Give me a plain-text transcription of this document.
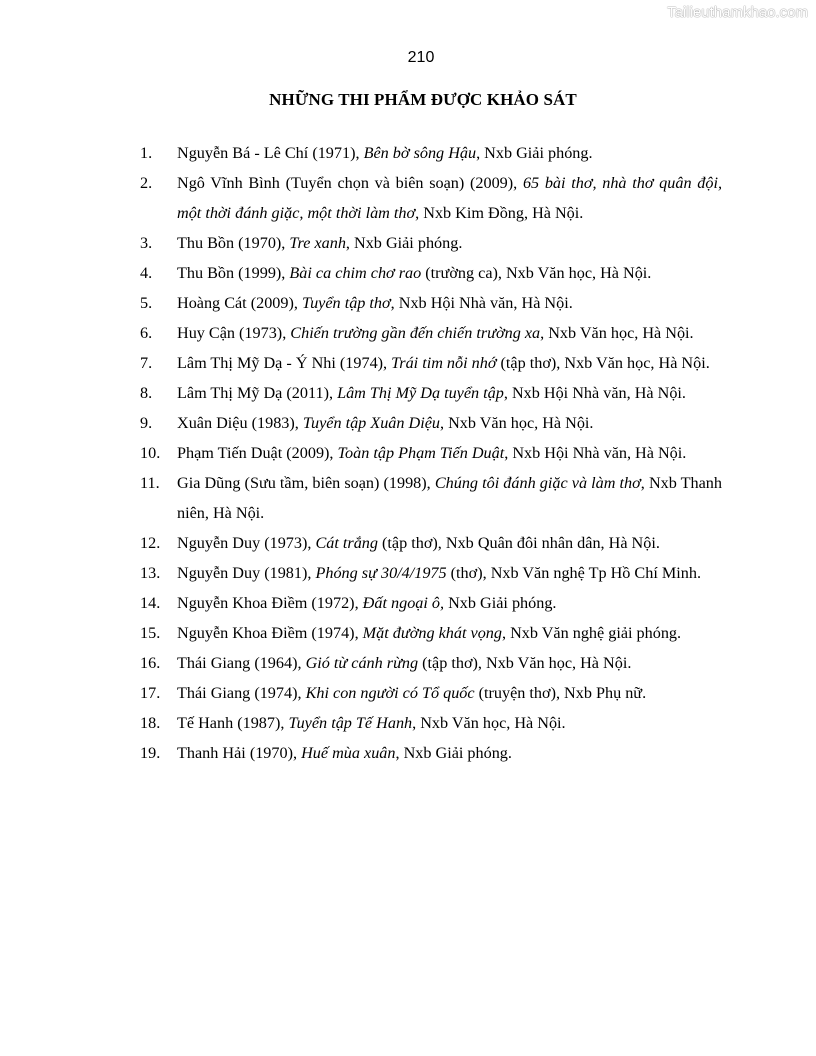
Tailieuthamkhao.com
210
NHỮNG THI PHẨM ĐƯỢC KHẢO SÁT
1.	Nguyễn Bá - Lê Chí (1971), Bên bờ sông Hậu, Nxb Giải phóng.
2.	Ngô Vĩnh Bình (Tuyển chọn và biên soạn) (2009), 65 bài thơ, nhà thơ quân đội, một thời đánh giặc, một thời làm thơ, Nxb Kim Đồng, Hà Nội.
3.	Thu Bồn (1970), Tre xanh, Nxb Giải phóng.
4.	Thu Bồn (1999), Bài ca chim chơ rao (trường ca), Nxb Văn học, Hà Nội.
5.	Hoàng Cát (2009), Tuyển tập thơ, Nxb Hội Nhà văn, Hà Nội.
6.	Huy Cận (1973), Chiến trường gần đến chiến trường xa, Nxb Văn học, Hà Nội.
7.	Lâm Thị Mỹ Dạ - Ý Nhi (1974), Trái tim nỗi nhớ (tập thơ), Nxb Văn học, Hà Nội.
8.	Lâm Thị Mỹ Dạ (2011), Lâm Thị Mỹ Dạ tuyển tập, Nxb Hội Nhà văn, Hà Nội.
9.	Xuân Diệu (1983), Tuyển tập Xuân Diệu, Nxb Văn học, Hà Nội.
10.	Phạm Tiến Duật (2009), Toàn tập Phạm Tiến Duật, Nxb Hội Nhà văn, Hà Nội.
11.	Gia Dũng (Sưu tầm, biên soạn) (1998), Chúng tôi đánh giặc và làm thơ, Nxb Thanh niên, Hà Nội.
12.	Nguyễn Duy (1973), Cát trắng (tập thơ), Nxb Quân đôi nhân dân, Hà Nội.
13.	Nguyễn Duy (1981), Phóng sự 30/4/1975 (thơ), Nxb Văn nghệ Tp Hồ Chí Minh.
14.	Nguyễn Khoa Điềm (1972), Đất ngoại ô, Nxb Giải phóng.
15.	Nguyễn Khoa Điềm (1974), Mặt đường khát vọng, Nxb Văn nghệ giải phóng.
16.	Thái Giang (1964), Gió từ cánh rừng (tập thơ), Nxb Văn học, Hà Nội.
17.	Thái Giang (1974), Khi con người có Tổ quốc (truyện thơ), Nxb Phụ nữ.
18.	Tế Hanh (1987), Tuyển tập Tế Hanh, Nxb Văn học, Hà Nội.
19.	Thanh Hải (1970), Huế mùa xuân, Nxb Giải phóng.
